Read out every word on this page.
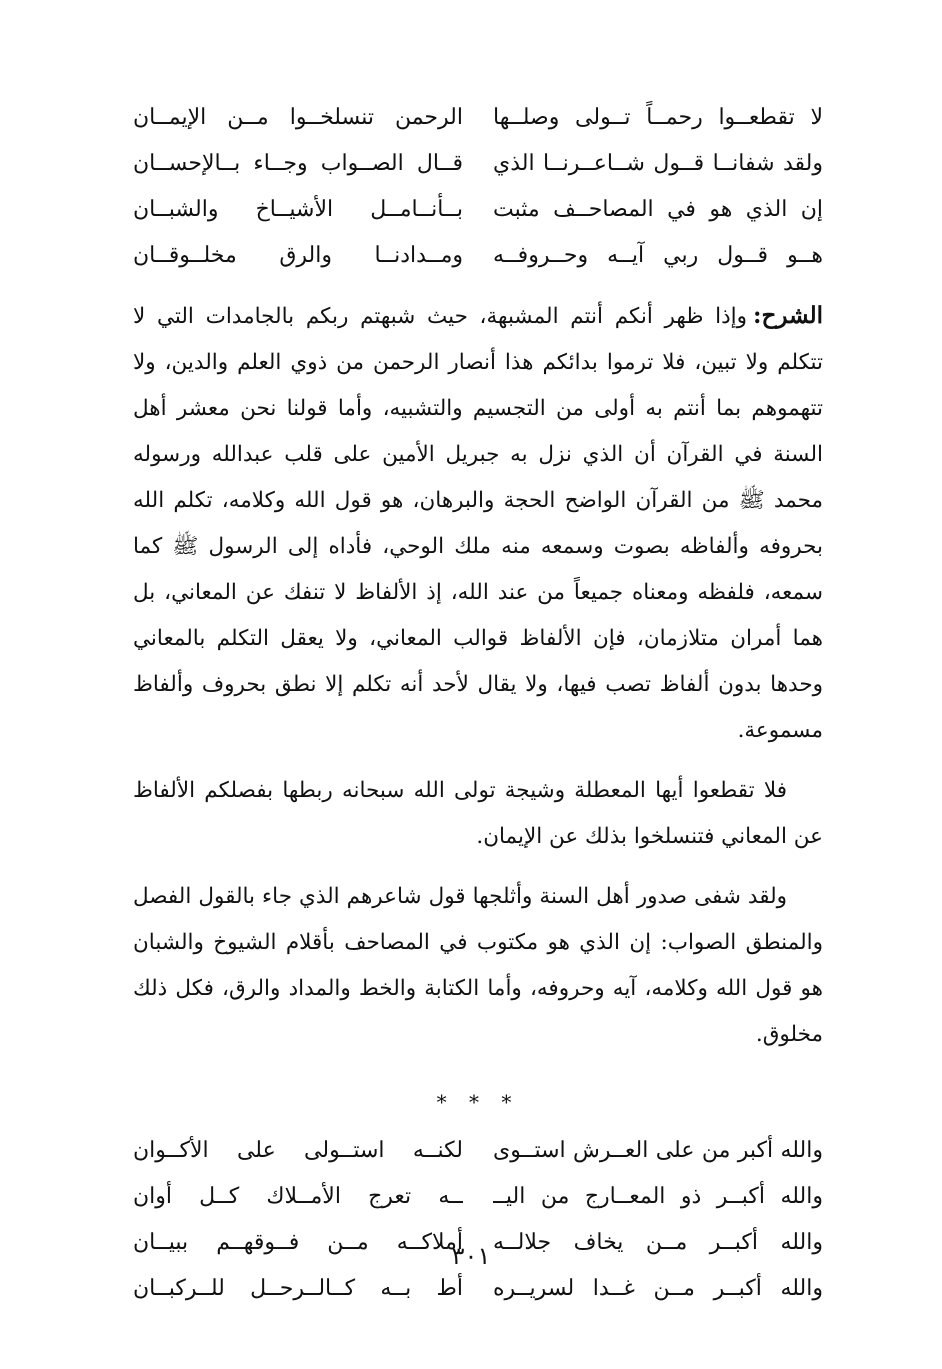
لا تقطعــوا رحمــاً تــولى وصلــها
الرحمن تنسلخــوا مــن الإيمــان
ولقد شفانــا قــول شــاعــرنــا الذي
قــال الصــواب وجــاء بــالإحســان
إن الذي هو في المصاحــف مثبت
بــأنــامــل الأشيــاخ والشبــان
هــو قــول ربي آيــه وحــروفــه
ومــدادنــا والرق مخلــوقــان

الشرح:وإذا ظهر أنكم أنتم المشبهة، حيث شبهتم ربكم بالجامدات التي لا تتكلم ولا تبين، فلا ترموا بدائكم هذا أنصار الرحمن من ذوي العلم والدين، ولا تتهموهم بما أنتم به أولى من التجسيم والتشبيه، وأما قولنا نحن معشر أهل السنة في القرآن أن الذي نزل به جبريل الأمين على قلب عبدالله ورسوله محمد ﷺ من القرآن الواضح الحجة والبرهان، هو قول الله وكلامه، تكلم الله بحروفه وألفاظه بصوت وسمعه منه ملك الوحي، فأداه إلى الرسول ﷺ كما سمعه، فلفظه ومعناه جميعاً من عند الله، إذ الألفاظ لا تنفك عن المعاني، بل هما أمران متلازمان، فإن الألفاظ قوالب المعاني، ولا يعقل التكلم بالمعاني وحدها بدون ألفاظ تصب فيها، ولا يقال لأحد أنه تكلم إلا نطق بحروف وألفاظ مسموعة.

فلا تقطعوا أيها المعطلة وشيجة تولى الله سبحانه ربطها بفصلكم الألفاظ عن المعاني فتنسلخوا بذلك عن الإيمان.

ولقد شفى صدور أهل السنة وأثلجها قول شاعرهم الذي جاء بالقول الفصل والمنطق الصواب: إن الذي هو مكتوب في المصاحف بأقلام الشيوخ والشبان هو قول الله وكلامه، آيه وحروفه، وأما الكتابة والخط والمداد والرق، فكل ذلك مخلوق.

* * *
والله أكبر من على العــرش استــوى
لكنــه استــولى على الأكــوان
والله أكبــر ذو المعــارج من اليــ
ــه تعرج الأمــلاك كــل أوان
والله أكبــر مــن يخاف جلالــه
أملاكــه مــن فــوقهــم ببيــان
والله أكبــر مــن غــدا لسريــره
أط بــه كــالــرحــل للــركبــان
٣٠١
